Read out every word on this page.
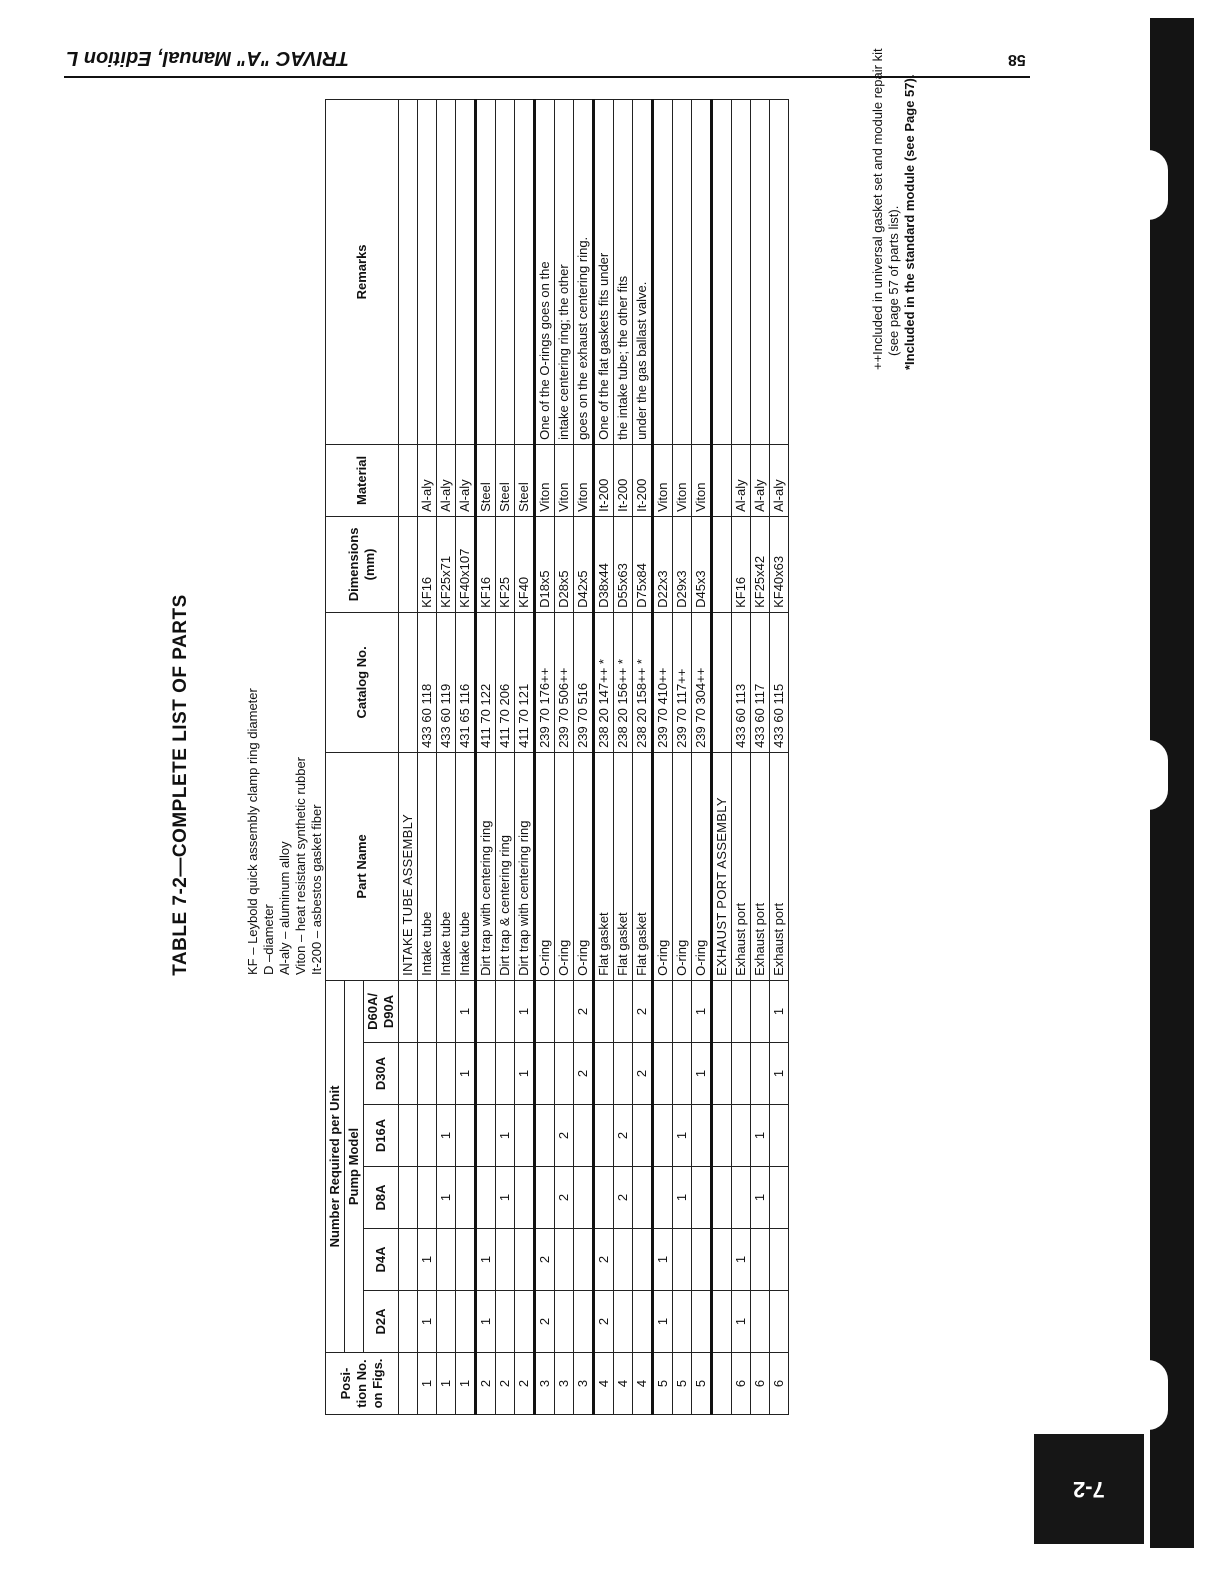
7-2
TRIVAC "A" Manual, Edition L	58
TABLE 7-2—COMPLETE LIST OF PARTS	KF – Leybold quick assembly clamp ring diameter D –diameter Al-aly – aluminum alloy Viton – heat resistant synthetic rubber It-200 – asbestos gasket fiber
Posi-tion No. on Figs.	Number Required per Unit						Part Name	Catalog No.	Dimensions (mm)	Material	Remarks
	Pump Model										
	D2A	D4A	D8A	D16A	D30A	D60A/ D90A					
							INTAKE TUBE ASSEMBLY				
1	1	1					Intake tube	433 60 118	KF16	Al-aly	
1			1	1			Intake tube	433 60 119	KF25x71	Al-aly	
1					1	1	Intake tube	431 65 116	KF40x107	Al-aly	
2	1	1					Dirt trap with centering ring	411 70 122	KF16	Steel	
2			1	1			Dirt trap & centering ring	411 70 206	KF25	Steel	
2					1	1	Dirt trap with centering ring	411 70 121	KF40	Steel	
3	2	2					O-ring	239 70 176++	D18x5	Viton	One of the O-rings goes on the
3			2	2			O-ring	239 70 506++	D28x5	Viton	intake centering ring; the other
3					2	2	O-ring	239 70 516	D42x5	Viton	goes on the exhaust centering ring.
4	2	2					Flat gasket	238 20 147++ *	D38x44	It-200	One of the flat gaskets fits under
4			2	2			Flat gasket	238 20 156++ *	D55x63	It-200	the intake tube; the other fits
4					2	2	Flat gasket	238 20 158++ *	D75x84	It-200	under the gas ballast valve.
5	1	1					O-ring	239 70 410++	D22x3	Viton	
5			1	1			O-ring	239 70 117++	D29x3	Viton	
5					1	1	O-ring	239 70 304++	D45x3	Viton	
							EXHAUST PORT ASSEMBLY				
6	1	1					Exhaust port	433 60 113	KF16	Al-aly	
6			1	1			Exhaust port	433 60 117	KF25x42	Al-aly	
6					1	1	Exhaust port	433 60 115	KF40x63	Al-aly	
++Included in universal gasket set and module repair kit (see page 57 of parts list). *Included in the standard module (see Page 57).
